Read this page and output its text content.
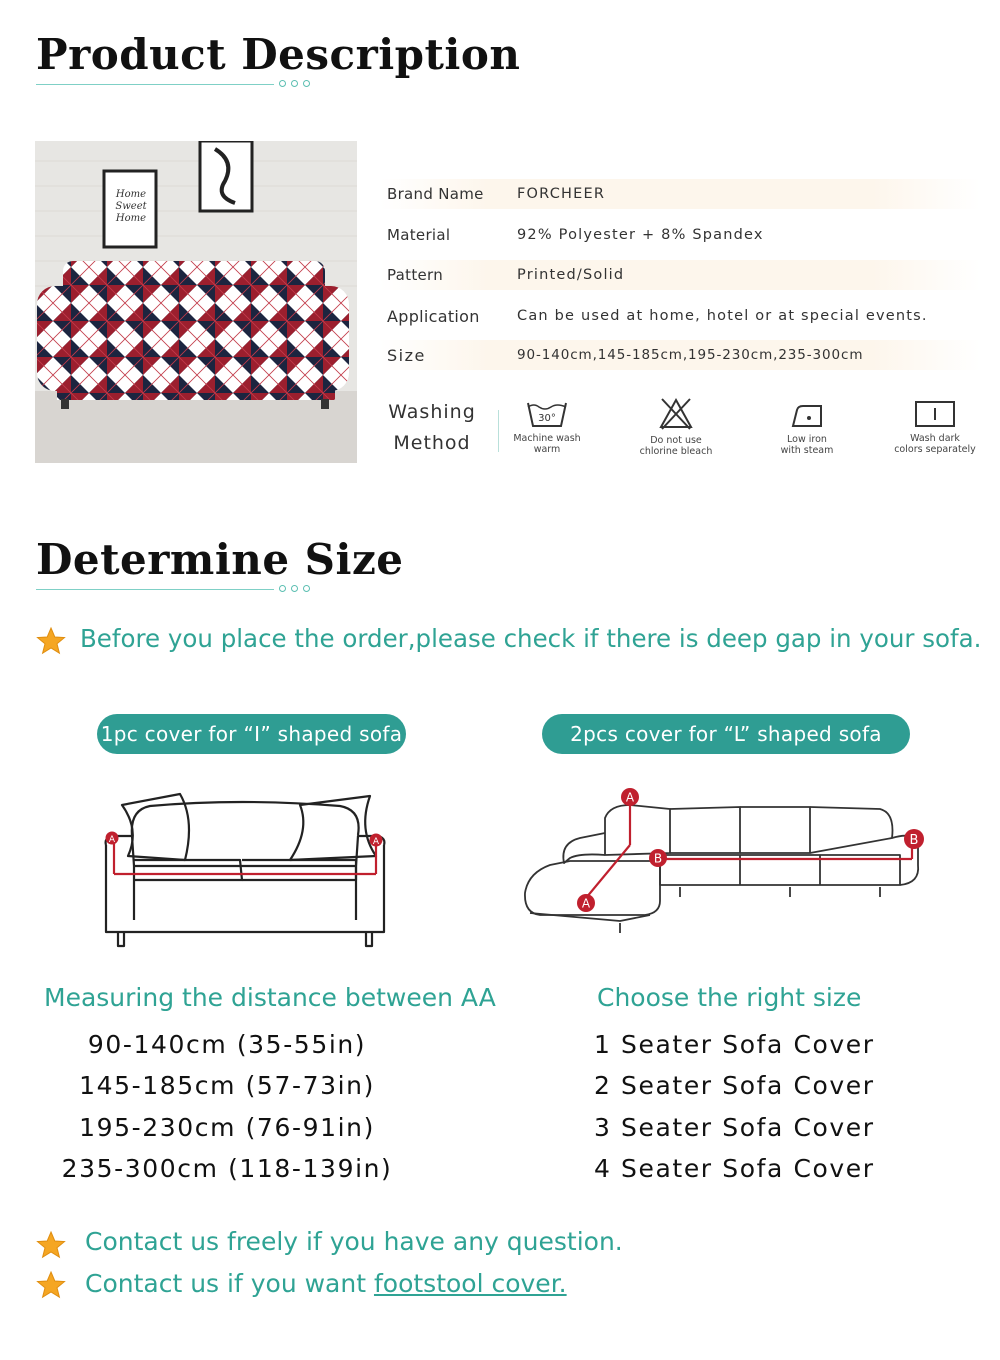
Product Description
Home
Sweet
Home
Brand Name	FORCHEER
Material	92% Polyester + 8% Spandex
Pattern	Printed/Solid
Application	Can be used at home, hotel or at special events.
Size	90-140cm,145-185cm,195-230cm,235-300cm
Washing
Method
30°
Machine wash
warm
Do not use
chlorine bleach
Low iron
with steam
Wash dark
colors separately
Determine Size
Before you place the order,please check if there is deep gap in your sofa.
1pc cover for “I” shaped sofa	2pcs cover for “L” shaped sofa
A	A
A
A
B
B
Measuring the distance between AA	Choose the right size
90-140cm (35-55in)
145-185cm (57-73in)
195-230cm (76-91in)
235-300cm (118-139in)
1 Seater Sofa Cover
2 Seater Sofa Cover
3 Seater Sofa Cover
4 Seater Sofa Cover
Contact us freely if you have any question.
Contact us if you want footstool cover.
